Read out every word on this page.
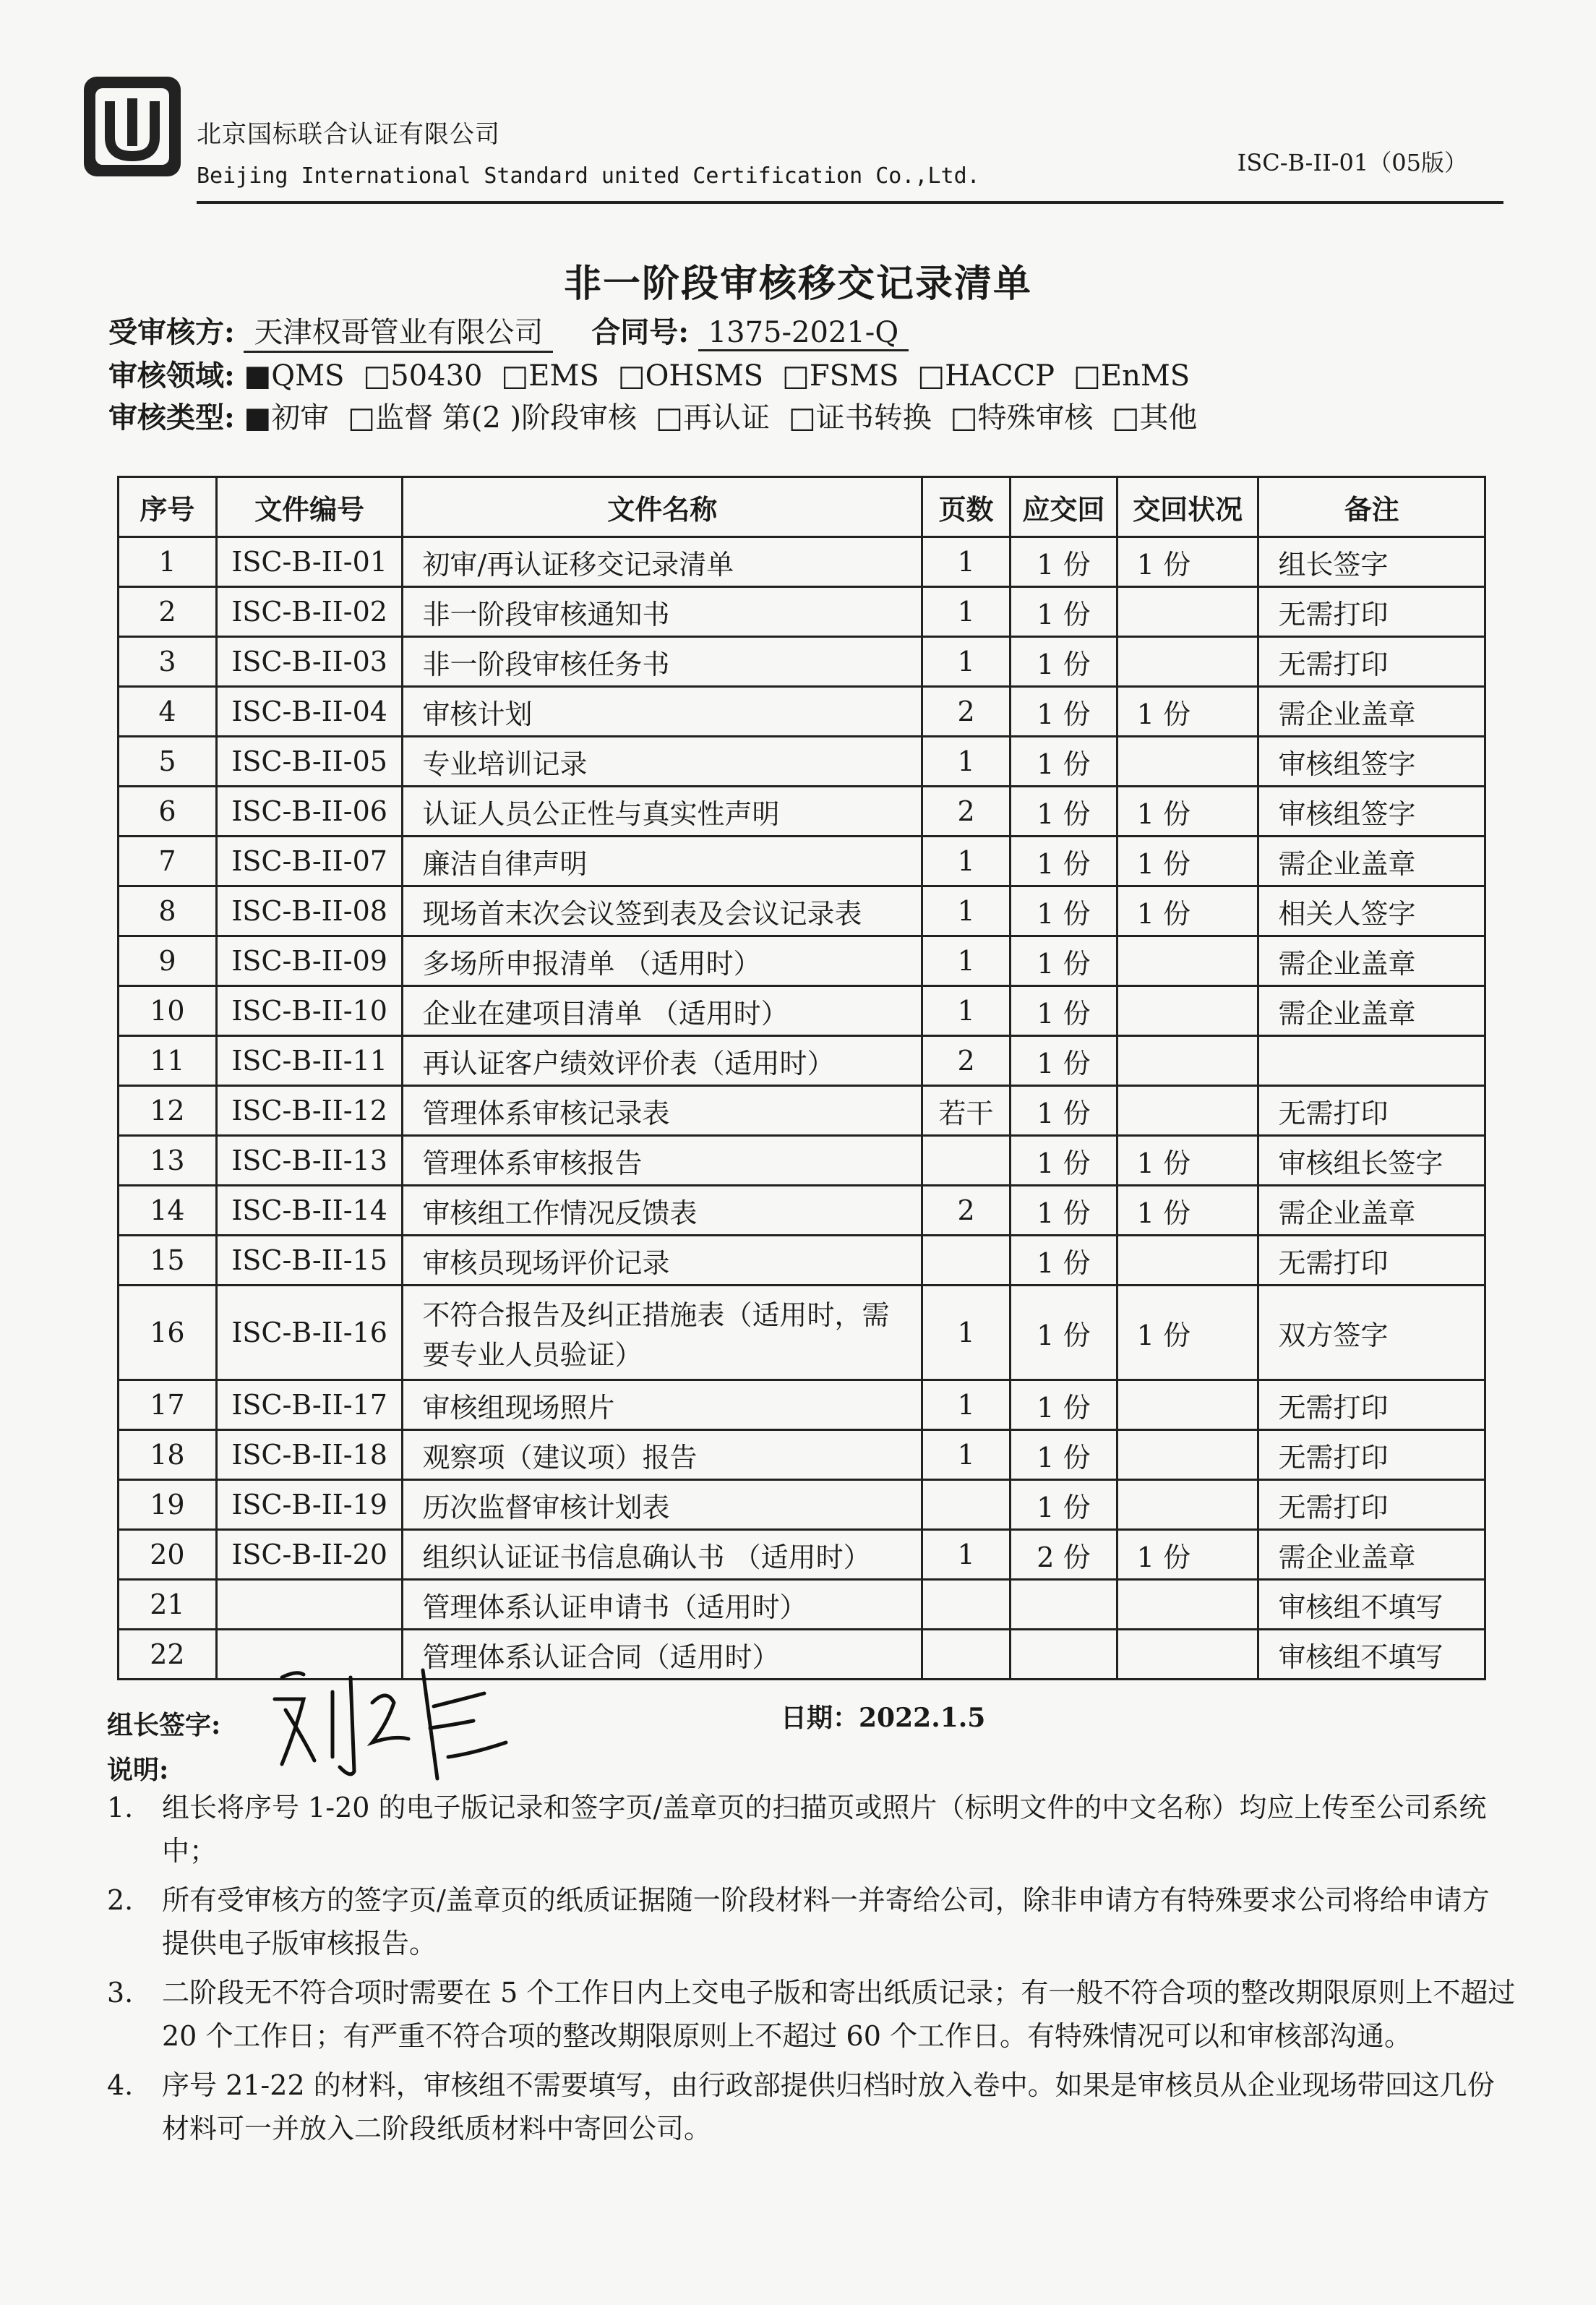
北京国标联合认证有限公司
Beijing International Standard united Certification Co.,Ltd.	ISC-B-II-01（05版）
非一阶段审核移交记录清单
受审核方: 天津权哥管业有限公司 合同号: 1375-2021-Q
审核领域: ■QMS □50430 □EMS □OHSMS □FSMS □HACCP □EnMS
审核类型: ■初审 □监督 第(2 )阶段审核 □再认证 □证书转换 □特殊审核 □其他
序号	文件编号	文件名称	页数	应交回	交回状况	备注
1	ISC-B-II-01	初审/再认证移交记录清单	1	1 份	1 份	组长签字
2	ISC-B-II-02	非一阶段审核通知书	1	1 份		无需打印
3	ISC-B-II-03	非一阶段审核任务书	1	1 份		无需打印
4	ISC-B-II-04	审核计划	2	1 份	1 份	需企业盖章
5	ISC-B-II-05	专业培训记录	1	1 份		审核组签字
6	ISC-B-II-06	认证人员公正性与真实性声明	2	1 份	1 份	审核组签字
7	ISC-B-II-07	廉洁自律声明	1	1 份	1 份	需企业盖章
8	ISC-B-II-08	现场首末次会议签到表及会议记录表	1	1 份	1 份	相关人签字
9	ISC-B-II-09	多场所申报清单 （适用时）	1	1 份		需企业盖章
10	ISC-B-II-10	企业在建项目清单 （适用时）	1	1 份		需企业盖章
11	ISC-B-II-11	再认证客户绩效评价表（适用时）	2	1 份		
12	ISC-B-II-12	管理体系审核记录表	若干	1 份		无需打印
13	ISC-B-II-13	管理体系审核报告		1 份	1 份	审核组长签字
14	ISC-B-II-14	审核组工作情况反馈表	2	1 份	1 份	需企业盖章
15	ISC-B-II-15	审核员现场评价记录		1 份		无需打印
16	ISC-B-II-16	不符合报告及纠正措施表（适用时，需要专业人员验证）	1	1 份	1 份	双方签字
17	ISC-B-II-17	审核组现场照片	1	1 份		无需打印
18	ISC-B-II-18	观察项（建议项）报告	1	1 份		无需打印
19	ISC-B-II-19	历次监督审核计划表		1 份		无需打印
20	ISC-B-II-20	组织认证证书信息确认书 （适用时）	1	2 份	1 份	需企业盖章
21		管理体系认证申请书（适用时）				审核组不填写
22		管理体系认证合同（适用时）				审核组不填写
组长签字:	日期：2022.1.5
说明:
1.	组长将序号 1-20 的电子版记录和签字页/盖章页的扫描页或照片（标明文件的中文名称）均应上传至公司系统中；
2.	所有受审核方的签字页/盖章页的纸质证据随一阶段材料一并寄给公司，除非申请方有特殊要求公司将给申请方提供电子版审核报告。
3.	二阶段无不符合项时需要在 5 个工作日内上交电子版和寄出纸质记录；有一般不符合项的整改期限原则上不超过 20 个工作日；有严重不符合项的整改期限原则上不超过 60 个工作日。有特殊情况可以和审核部沟通。
4.	序号 21-22 的材料，审核组不需要填写，由行政部提供归档时放入卷中。如果是审核员从企业现场带回这几份材料可一并放入二阶段纸质材料中寄回公司。
